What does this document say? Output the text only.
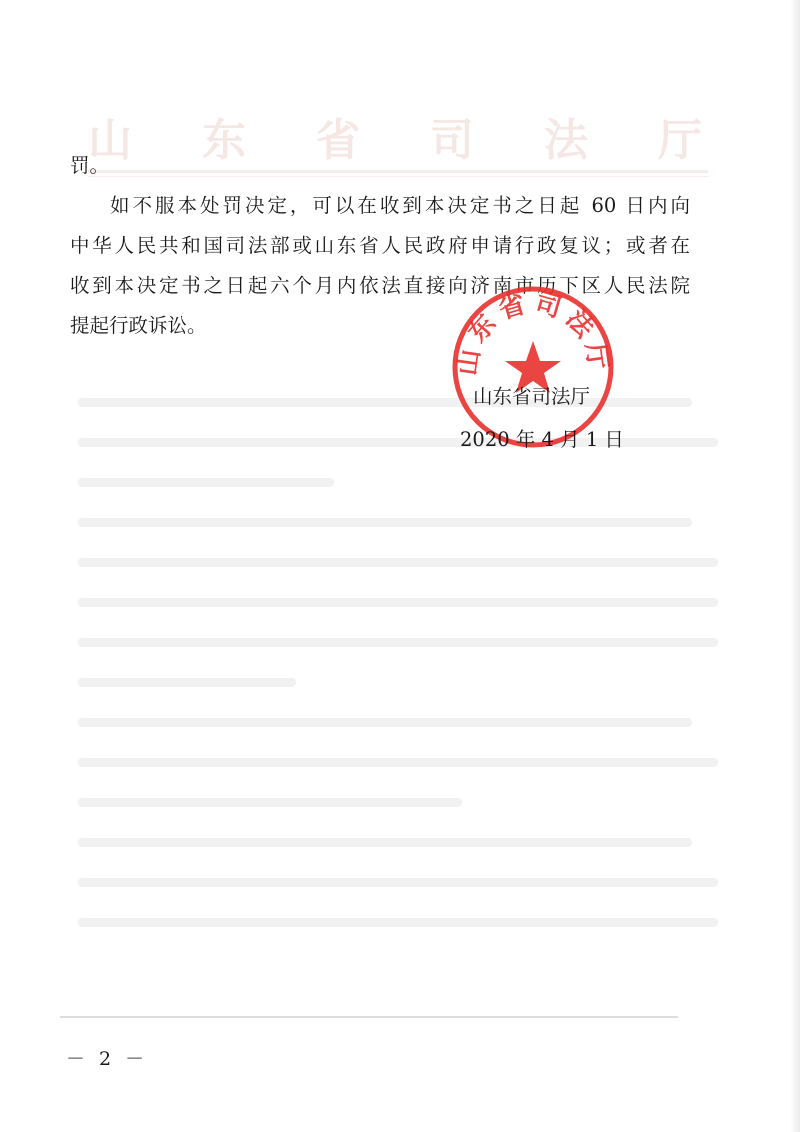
山东省司法厅
罚。
如不服本处罚决定，可以在收到本决定书之日起 60 日内向
中华人民共和国司法部或山东省人民政府申请行政复议；或者在
收到本决定书之日起六个月内依法直接向济南市历下区人民法院
提起行政诉讼。
山东省司法厅
山东省司法厅
2020 年 4 月 1 日
－ 2 －
